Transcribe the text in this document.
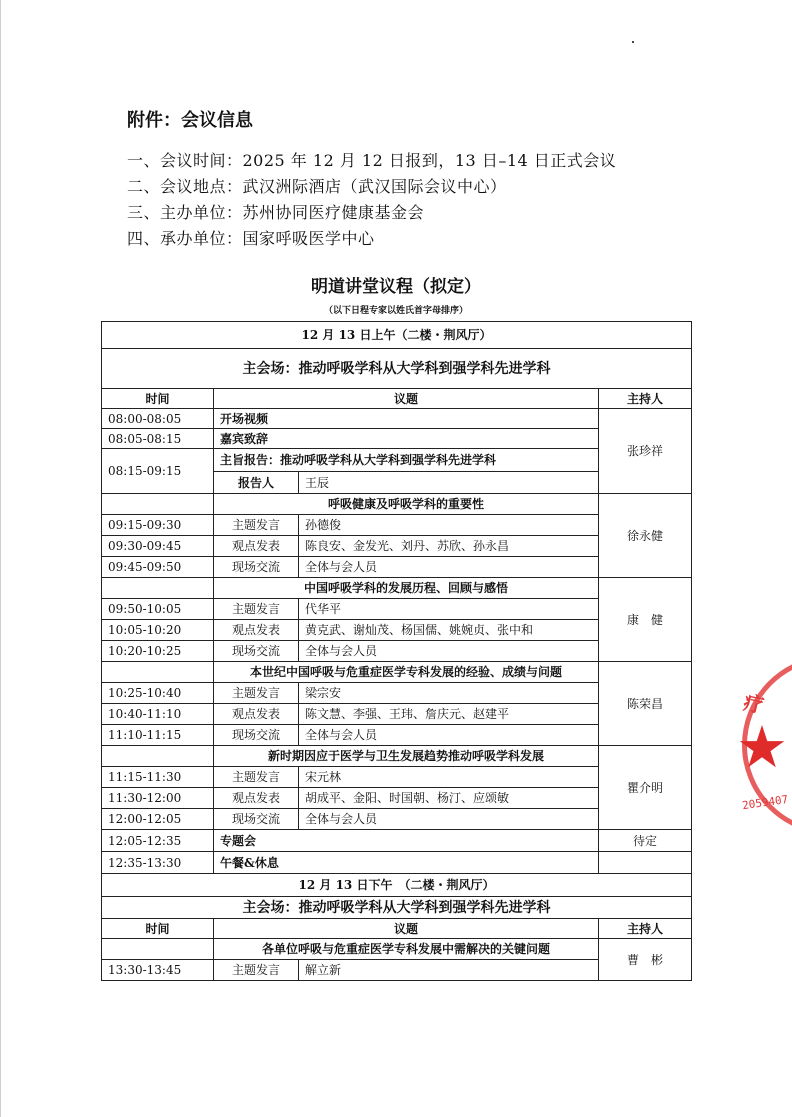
附件：会议信息
一、会议时间：2025 年 12 月 12 日报到，13 日–14 日正式会议
二、会议地点：武汉洲际酒店（武汉国际会议中心）
三、主办单位：苏州协同医疗健康基金会
四、承办单位：国家呼吸医学中心
明道讲堂议程（拟定）
（以下日程专家以姓氏首字母排序）
12 月 13 日上午（二楼・荆风厅）			
主会场：推动呼吸学科从大学科到强学科先进学科			
时间	议题		主持人
08:00-08:05	开场视频		张珍祥
08:05-08:15	嘉宾致辞		
08:15-09:15	主旨报告：推动呼吸学科从大学科到强学科先进学科		
	报告人	王辰	
	呼吸健康及呼吸学科的重要性		徐永健
09:15-09:30	主题发言	孙德俊	
09:30-09:45	观点发表	陈良安、金发光、刘丹、苏欣、孙永昌	
09:45-09:50	现场交流	全体与会人员	
	中国呼吸学科的发展历程、回顾与感悟		康　健
09:50-10:05	主题发言	代华平	
10:05-10:20	观点发表	黄克武、谢灿茂、杨国儒、姚婉贞、张中和	
10:20-10:25	现场交流	全体与会人员	
	本世纪中国呼吸与危重症医学专科发展的经验、成绩与问题		陈荣昌
10:25-10:40	主题发言	梁宗安	
10:40-11:10	观点发表	陈文慧、李强、王玮、詹庆元、赵建平	
11:10-11:15	现场交流	全体与会人员	
	新时期因应于医学与卫生发展趋势推动呼吸学科发展		瞿介明
11:15-11:30	主题发言	宋元林	
11:30-12:00	观点发表	胡成平、金阳、时国朝、杨汀、应颂敏	
12:00-12:05	现场交流	全体与会人员	
12:05-12:35	专题会		待定
12:35-13:30	午餐&休息		
12 月 13 日下午　（二楼・荆风厅）			
主会场：推动呼吸学科从大学科到强学科先进学科			
时间	议题		主持人
	各单位呼吸与危重症医学专科发展中需解决的关键问题		曹　彬
13:30-13:45	主题发言	解立新	
疗
★
2059407
